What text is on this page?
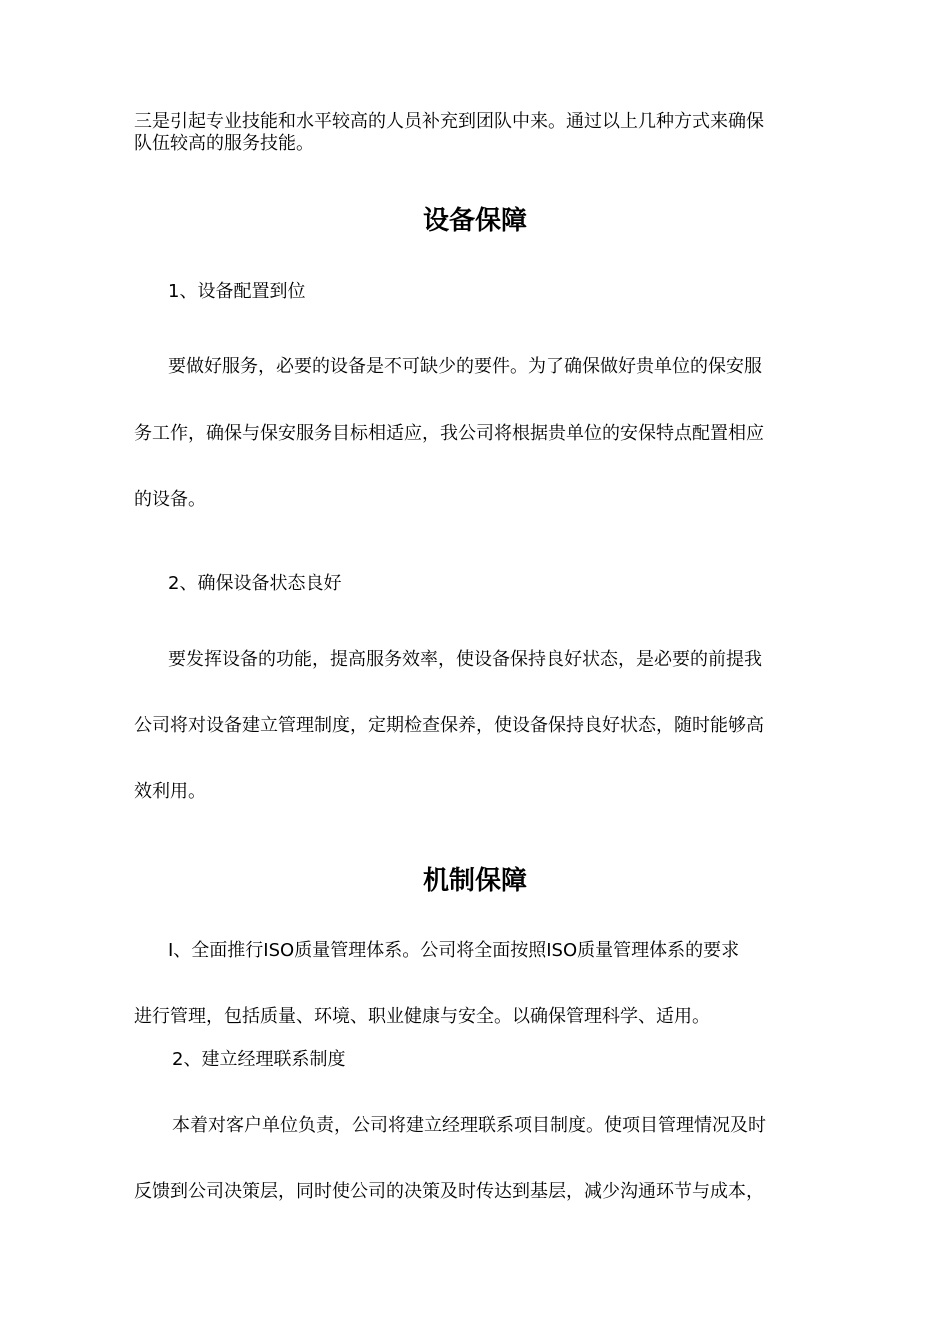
三是引起专业技能和水平较高的人员补充到团队中来。通过以上几种方式来确保
队伍较高的服务技能。
设备保障
1、设备配置到位
要做好服务，必要的设备是不可缺少的要件。为了确保做好贵单位的保安服
务工作，确保与保安服务目标相适应，我公司将根据贵单位的安保特点配置相应
的设备。
2、确保设备状态良好
要发挥设备的功能，提高服务效率，使设备保持良好状态，是必要的前提我
公司将对设备建立管理制度，定期检查保养，使设备保持良好状态，随时能够高
效利用。
机制保障
I、全面推行ISO质量管理体系。公司将全面按照ISO质量管理体系的要求
进行管理，包括质量、环境、职业健康与安全。以确保管理科学、适用。
2、建立经理联系制度
本着对客户单位负责，公司将建立经理联系项目制度。使项目管理情况及时
反馈到公司决策层，同时使公司的决策及时传达到基层，减少沟通环节与成本，
